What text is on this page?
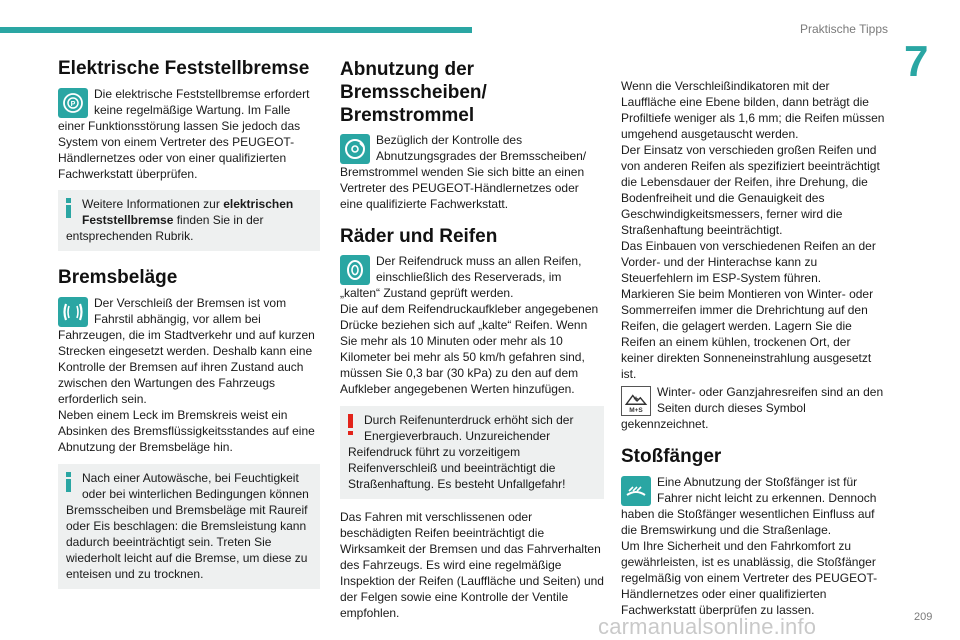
Praktische Tipps
7
Elektrische Feststellbremse
P

Die elektrische Feststellbremse erfordert keine regelmäßige Wartung. Im Falle einer Funktionsstörung lassen Sie jedoch das System von einem Vertreter des PEUGEOT-Händlernetzes oder von einer qualifizierten Fachwerkstatt überprüfen.

Weitere Informationen zur elektrischen Feststellbremse finden Sie in der entsprechenden Rubrik.

Bremsbeläge

Der Verschleiß der Bremsen ist vom Fahrstil abhängig, vor allem bei Fahrzeugen, die im Stadtverkehr und auf kurzen Strecken eingesetzt werden. Deshalb kann eine Kontrolle der Bremsen auf ihren Zustand auch zwischen den Wartungen des Fahrzeugs erforderlich sein.

Neben einem Leck im Bremskreis weist ein Absinken des Bremsflüssigkeitsstandes auf eine Abnutzung der Bremsbeläge hin.

Nach einer Autowäsche, bei Feuchtigkeit oder bei winterlichen Bedingungen können Bremsscheiben und Bremsbeläge mit Raureif oder Eis beschlagen: die Bremsleistung kann dadurch beeinträchtigt sein. Treten Sie wiederholt leicht auf die Bremse, um diese zu enteisen und zu trocknen.

Abnutzung der Bremsscheiben/ Bremstrommel

Bezüglich der Kontrolle des Abnutzungsgrades der Bremsscheiben/ Bremstrommel wenden Sie sich bitte an einen Vertreter des PEUGEOT-Händlernetzes oder eine qualifizierte Fachwerkstatt.

Räder und Reifen

Der Reifendruck muss an allen Reifen, einschließlich des Reserverads, im „kalten“ Zustand geprüft werden.

Die auf dem Reifendruckaufkleber angegebenen Drücke beziehen sich auf „kalte“ Reifen. Wenn Sie mehr als 10 Minuten oder mehr als 10 Kilometer bei mehr als 50 km/h gefahren sind, müssen Sie 0,3 bar (30 kPa) zu den auf dem Aufkleber angegebenen Werten hinzufügen.

Durch Reifenunterdruck erhöht sich der Energieverbrauch. Unzureichender Reifendruck führt zu vorzeitigem Reifenverschleiß und beeinträchtigt die Straßenhaftung. Es besteht Unfallgefahr!

Das Fahren mit verschlissenen oder beschädigten Reifen beeinträchtigt die Wirksamkeit der Bremsen und das Fahrverhalten des Fahrzeugs. Es wird eine regelmäßige Inspektion der Reifen (Lauffläche und Seiten) und der Felgen sowie eine Kontrolle der Ventile empfohlen.

Wenn die Verschleißindikatoren mit der Lauffläche eine Ebene bilden, dann beträgt die Profiltiefe weniger als 1,6 mm; die Reifen müssen umgehend ausgetauscht werden.

Der Einsatz von verschieden großen Reifen und von anderen Reifen als spezifiziert beeinträchtigt die Lebensdauer der Reifen, ihre Drehung, die Bodenfreiheit und die Genauigkeit des Geschwindigkeitsmessers, ferner wird die Straßenhaftung beeinträchtigt.

Das Einbauen von verschiedenen Reifen an der Vorder- und der Hinterachse kann zu Steuerfehlern im ESP-System führen.

Markieren Sie beim Montieren von Winter- oder Sommerreifen immer die Drehrichtung auf den Reifen, die gelagert werden. Lagern Sie die Reifen an einem kühlen, trockenen Ort, der keiner direkten Sonneneinstrahlung ausgesetzt ist.

M+S

Winter- oder Ganzjahresreifen sind an den Seiten durch dieses Symbol gekennzeichnet.

Stoßfänger

Eine Abnutzung der Stoßfänger ist für Fahrer nicht leicht zu erkennen. Dennoch haben die Stoßfänger wesentlichen Einfluss auf die Bremswirkung und die Straßenlage.

Um Ihre Sicherheit und den Fahrkomfort zu gewährleisten, ist es unablässig, die Stoßfänger regelmäßig von einem Vertreter des PEUGEOT-Händlernetzes oder einer qualifizierten Fachwerkstatt überprüfen zu lassen.

carmanualsonline.info	209
